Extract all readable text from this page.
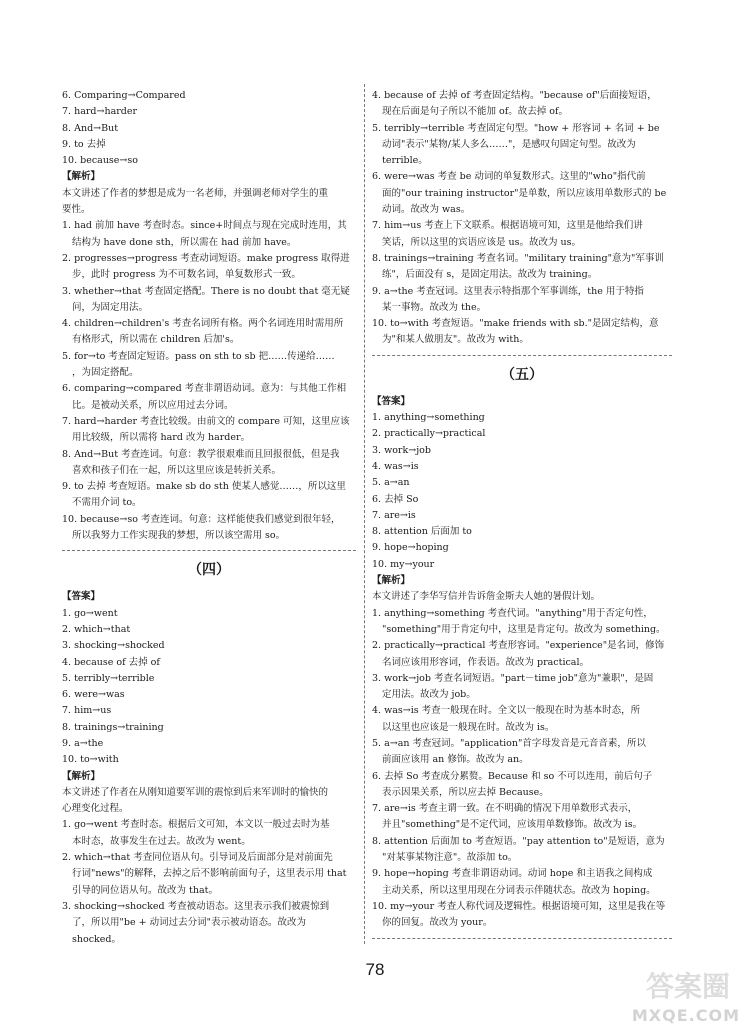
6. Comparing→Compared
7. hard→harder
8. And→But
9. to 去掉
10. because→so
【解析】
本文讲述了作者的梦想是成为一名老师，并强调老师对学生的重
要性。
1. had 前加 have 考查时态。since+时间点与现在完成时连用，其
结构为 have done sth，所以需在 had 前加 have。
2. progresses→progress 考查动词短语。make progress 取得进
步，此时 progress 为不可数名词，单复数形式一致。
3. whether→that 考查固定搭配。There is no doubt that 毫无疑
问，为固定用法。
4. children→children's 考查名词所有格。两个名词连用时需用所
有格形式，所以需在 children 后加's。
5. for→to 考查固定短语。pass on sth to sb 把……传递给……
，为固定搭配。
6. comparing→compared 考查非谓语动词。意为：与其他工作相
比。是被动关系，所以应用过去分词。
7. hard→harder 考查比较级。由前文的 compare 可知，这里应该
用比较级，所以需将 hard 改为 harder。
8. And→But 考查连词。句意：教学很艰难而且回报很低，但是我
喜欢和孩子们在一起，所以这里应该是转折关系。
9. to 去掉 考查短语。make sb do sth 使某人感觉……，所以这里
不需用介词 to。
10. because→so 考查连词。句意：这样能使我们感觉到很年轻，
所以我努力工作实现我的梦想，所以该空需用 so。
（四）
【答案】
1. go→went
2. which→that
3. shocking→shocked
4. because of 去掉 of
5. terribly→terrible
6. were→was
7. him→us
8. trainings→training
9. a→the
10. to→with
【解析】
本文讲述了作者在从刚知道要军训的震惊到后来军训时的愉快的
心理变化过程。
1. go→went 考查时态。根据后文可知，本文以一般过去时为基
本时态，故事发生在过去。故改为 went。
2. which→that 考查同位语从句。引导词及后面部分是对前面先
行词"news"的解释，去掉之后不影响前面句子，这里表示用 that
引导的同位语从句。故改为 that。
3. shocking→shocked 考查被动语态。这里表示我们被震惊到
了，所以用"be + 动词过去分词"表示被动语态。故改为
shocked。
4. because of 去掉 of 考查固定结构。"because of"后面接短语，
现在后面是句子所以不能加 of。故去掉 of。
5. terribly→terrible 考查固定句型。"how + 形容词 + 名词 + be
动词"表示"某物/某人多么……"，是感叹句固定句型。故改为
terrible。
6. were→was 考查 be 动词的单复数形式。这里的"who"指代前
面的"our training instructor"是单数，所以应该用单数形式的 be
动词。故改为 was。
7. him→us 考查上下文联系。根据语境可知，这里是他给我们讲
笑话，所以这里的宾语应该是 us。故改为 us。
8. trainings→training 考查名词。"military training"意为"军事训
练"，后面没有 s，是固定用法。故改为 training。
9. a→the 考查冠词。这里表示特指那个军事训练，the 用于特指
某一事物。故改为 the。
10. to→with 考查短语。"make friends with sb."是固定结构，意
为"和某人做朋友"。故改为 with。
（五）
【答案】
1. anything→something
2. practically→practical
3. work→job
4. was→is
5. a→an
6. 去掉 So
7. are→is
8. attention 后面加 to
9. hope→hoping
10. my→your
【解析】
本文讲述了李华写信并告诉詹金斯夫人她的暑假计划。
1. anything→something 考查代词。"anything"用于否定句性，
"something"用于肯定句中，这里是肯定句。故改为 something。
2. practically→practical 考查形容词。"experience"是名词，修饰
名词应该用形容词，作表语。故改为 practical。
3. work→job 考查名词短语。"part－time job"意为"兼职"，是固
定用法。故改为 job。
4. was→is 考查一般现在时。全文以一般现在时为基本时态，所
以这里也应该是一般现在时。故改为 is。
5. a→an 考查冠词。"application"首字母发音是元音音素，所以
前面应该用 an 修饰。故改为 an。
6. 去掉 So 考查成分累赘。Because 和 so 不可以连用，前后句子
表示因果关系，所以应去掉 Because。
7. are→is 考查主谓一致。在不明确的情况下用单数形式表示，
并且"something"是不定代词，应该用单数修饰。故改为 is。
8. attention 后面加 to 考查短语。"pay attention to"是短语，意为
"对某事某物注意"。故添加 to。
9. hope→hoping 考查非谓语动词。动词 hope 和主语我之间构成
主动关系，所以这里用现在分词表示伴随状态。故改为 hoping。
10. my→your 考查人称代词及逻辑性。根据语境可知，这里是我在等
你的回复。故改为 your。
78
答案圈
MXQE.COM
